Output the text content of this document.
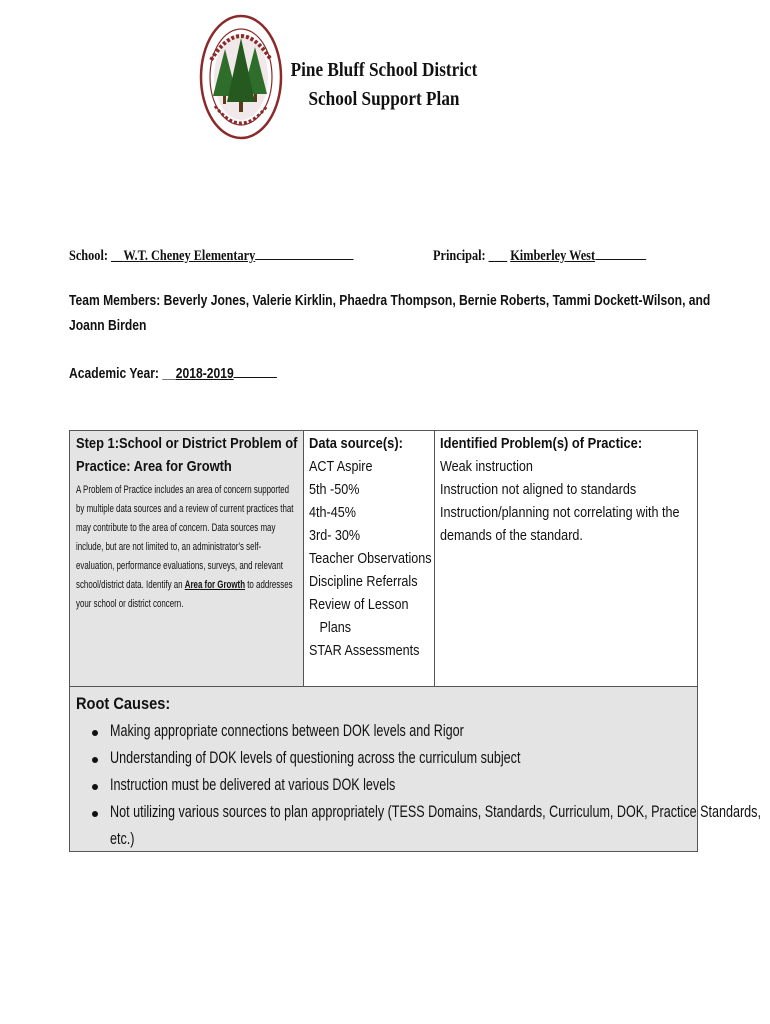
Pine Bluff School District
School Support Plan
School: __W.T. Cheney Elementary	Principal: ___ Kimberley West
Team Members: Beverly Jones, Valerie Kirklin, Phaedra Thompson, Bernie Roberts, Tammi Dockett-Wilson, and
Joann Birden
Academic Year: __2018-2019
Step 1:School or District Problem of
Practice: Area for Growth
A Problem of Practice includes an area of concern supported
by multiple data sources and a review of current practices that
may contribute to the area of concern. Data sources may
include, but are not limited to, an administrator's self-
evaluation, performance evaluations, surveys, and relevant
school/district data. Identify an Area for Growth to addresses
your school or district concern.
Data source(s):
ACT Aspire
5th -50%
4th-45%
3rd- 30%
Teacher Observations
Discipline Referrals
Review of Lesson
Plans
STAR Assessments
Identified Problem(s) of Practice:
Weak instruction
Instruction not aligned to standards
Instruction/planning not correlating with the
demands of the standard.
Root Causes:
Making appropriate connections between DOK levels and Rigor
Understanding of DOK levels of questioning across the curriculum subject
Instruction must be delivered at various DOK levels
Not utilizing various sources to plan appropriately (TESS Domains, Standards, Curriculum, DOK, Practice Standards,
etc.)
